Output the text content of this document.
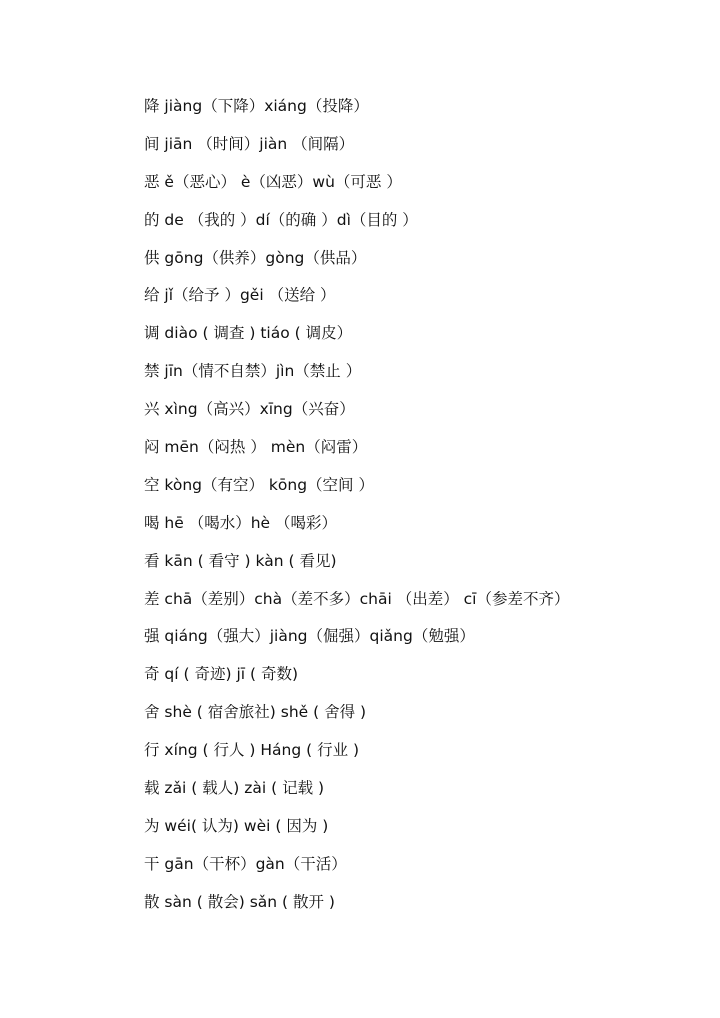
降 jiàng（下降）xiáng（投降）
间 jiān （时间）jiàn （间隔）
恶 ě（恶心） è（凶恶）wù（可恶 ）
的 de （我的 ）dí（的确 ）dì（目的 ）
供 gōng（供养）gòng（供品）
给 jǐ（给予 ）gěi （送给 ）
调 diào ( 调查 ) tiáo ( 调皮）
禁 jīn（情不自禁）jìn（禁止 ）
兴 xìng（高兴）xīng（兴奋）
闷 mēn（闷热 ） mèn（闷雷）
空 kòng（有空） kōng（空间 ）
喝 hē （喝水）hè （喝彩）
看 kān ( 看守 ) kàn ( 看见)
差 chā（差别）chà（差不多）chāi （出差） cī（参差不齐）
强 qiáng（强大）jiàng（倔强）qiǎng（勉强）
奇 qí ( 奇迹) jī ( 奇数)
舍 shè ( 宿舍旅社) shě ( 舍得 )
行 xíng ( 行人 ) Háng ( 行业 )
载 zǎi ( 载人) zài ( 记载 )
为 wéi( 认为) wèi ( 因为 )
干 gān（干杯）gàn（干活）
散 sàn ( 散会) sǎn ( 散开 )
